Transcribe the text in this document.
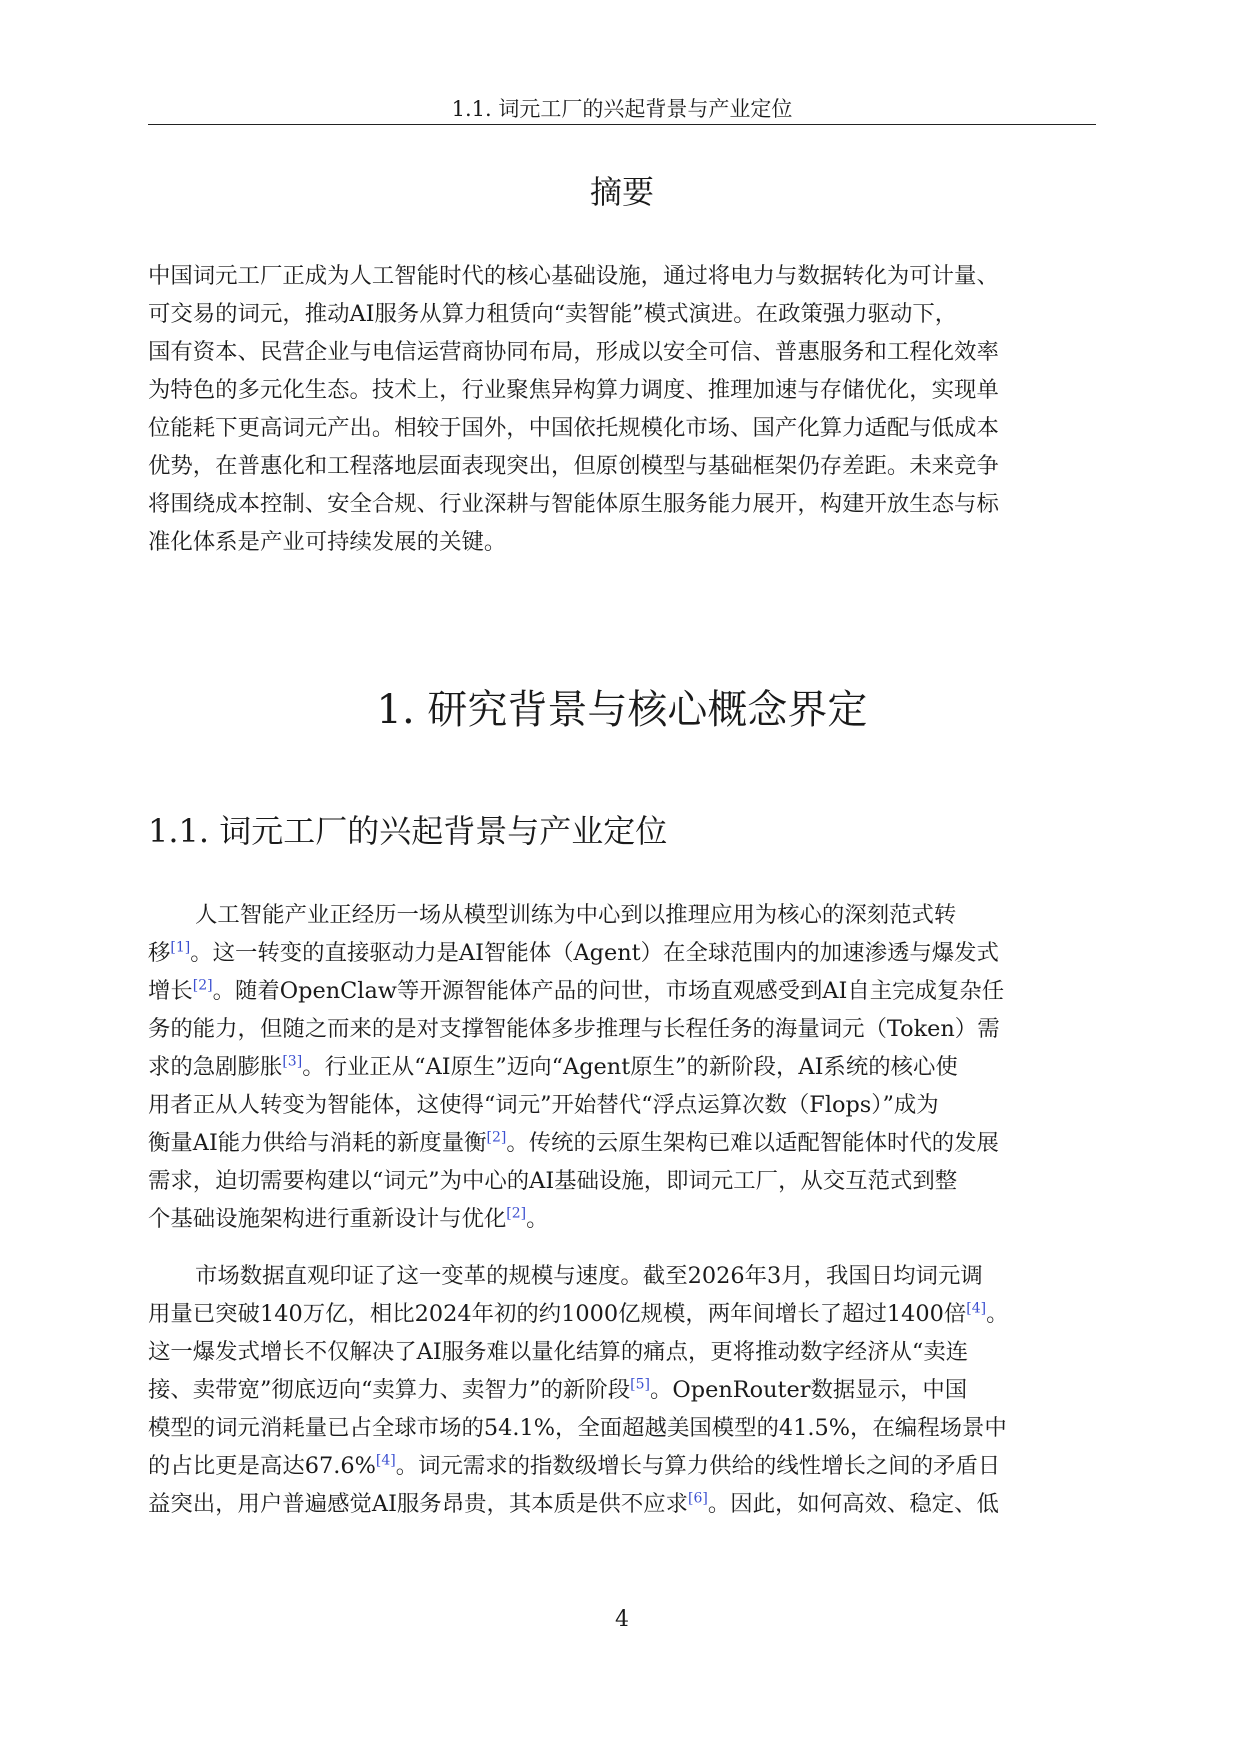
1.1. 词元工厂的兴起背景与产业定位
摘要
中国词元工厂正成为人工智能时代的核心基础设施，通过将电力与数据转化为可计量、
可交易的词元，推动AI服务从算力租赁向“卖智能”模式演进。在政策强力驱动下，
国有资本、民营企业与电信运营商协同布局，形成以安全可信、普惠服务和工程化效率
为特色的多元化生态。技术上，行业聚焦异构算力调度、推理加速与存储优化，实现单
位能耗下更高词元产出。相较于国外，中国依托规模化市场、国产化算力适配与低成本
优势，在普惠化和工程落地层面表现突出，但原创模型与基础框架仍存差距。未来竞争
将围绕成本控制、安全合规、行业深耕与智能体原生服务能力展开，构建开放生态与标
准化体系是产业可持续发展的关键。
1. 研究背景与核心概念界定
1.1. 词元工厂的兴起背景与产业定位
人工智能产业正经历一场从模型训练为中心到以推理应用为核心的深刻范式转
移[1]。这一转变的直接驱动力是AI智能体（Agent）在全球范围内的加速渗透与爆发式
增长[2]。随着OpenClaw等开源智能体产品的问世，市场直观感受到AI自主完成复杂任
务的能力，但随之而来的是对支撑智能体多步推理与长程任务的海量词元（Token）需
求的急剧膨胀[3]。行业正从“AI原生”迈向“Agent原生”的新阶段，AI系统的核心使
用者正从人转变为智能体，这使得“词元”开始替代“浮点运算次数（Flops）”成为
衡量AI能力供给与消耗的新度量衡[2]。传统的云原生架构已难以适配智能体时代的发展
需求，迫切需要构建以“词元”为中心的AI基础设施，即词元工厂，从交互范式到整
个基础设施架构进行重新设计与优化[2]。
市场数据直观印证了这一变革的规模与速度。截至2026年3月，我国日均词元调
用量已突破140万亿，相比2024年初的约1000亿规模，两年间增长了超过1400倍[4]。
这一爆发式增长不仅解决了AI服务难以量化结算的痛点，更将推动数字经济从“卖连
接、卖带宽”彻底迈向“卖算力、卖智力”的新阶段[5]。OpenRouter数据显示，中国
模型的词元消耗量已占全球市场的54.1%，全面超越美国模型的41.5%，在编程场景中
的占比更是高达67.6%[4]。词元需求的指数级增长与算力供给的线性增长之间的矛盾日
益突出，用户普遍感觉AI服务昂贵，其本质是供不应求[6]。因此，如何高效、稳定、低
4
